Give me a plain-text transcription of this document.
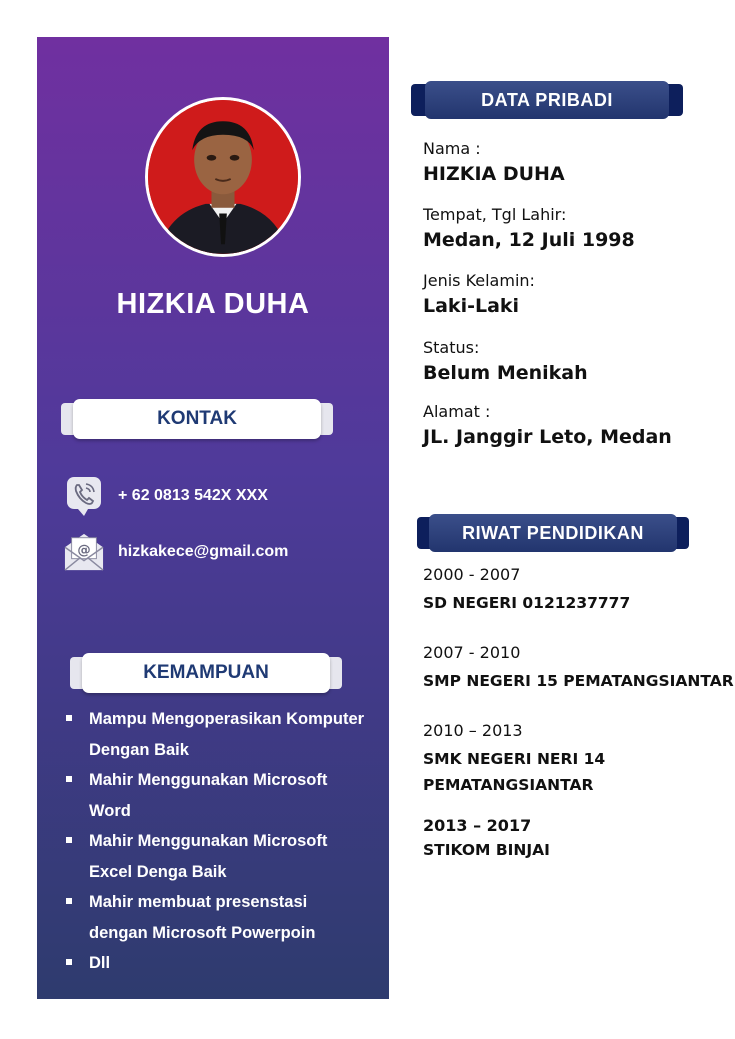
HIZKIA DUHA
KONTAK
+ 62 0813 542X XXX
@ hizkakece@gmail.com
KEMAMPUAN
Mampu Mengoperasikan Komputer
Dengan Baik
Mahir Menggunakan Microsoft
Word
Mahir Menggunakan Microsoft
Excel Denga Baik
Mahir membuat presenstasi
dengan Microsoft Powerpoin
Dll
DATA PRIBADI
Nama :
HIZKIA DUHA
Tempat, Tgl Lahir:
Medan, 12 Juli 1998
Jenis Kelamin:
Laki-Laki
Status:
Belum Menikah
Alamat :
JL. Janggir Leto, Medan
RIWAT PENDIDIKAN
2000 - 2007
SD NEGERI 0121237777
2007 - 2010
SMP NEGERI 15 PEMATANGSIANTAR
2010 – 2013
SMK NEGERI NERI 14
PEMATANGSIANTAR
2013 – 2017
STIKOM BINJAI
